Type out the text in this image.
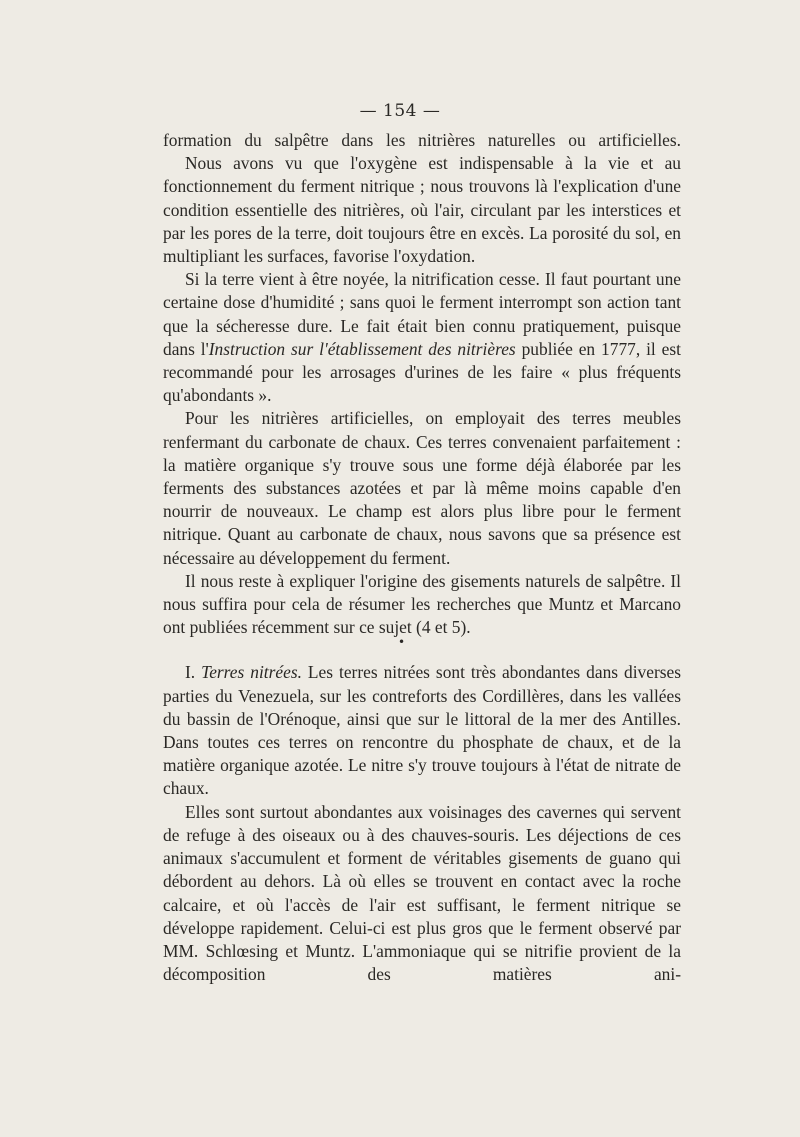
— 154 —

formation du salpêtre dans les nitrières naturelles ou artificielles.

Nous avons vu que l'oxygène est indispensable à la vie et au fonctionnement du ferment nitrique ; nous trouvons là l'explication d'une condition essentielle des nitrières, où l'air, circulant par les interstices et par les pores de la terre, doit toujours être en excès. La porosité du sol, en multipliant les surfaces, favorise l'oxydation.

Si la terre vient à être noyée, la nitrification cesse. Il faut pourtant une certaine dose d'humidité ; sans quoi le ferment interrompt son action tant que la sécheresse dure. Le fait était bien connu pratiquement, puisque dans l'Instruction sur l'établissement des nitrières publiée en 1777, il est recommandé pour les arrosages d'urines de les faire « plus fréquents qu'abondants ».

Pour les nitrières artificielles, on employait des terres meubles renfermant du carbonate de chaux. Ces terres convenaient parfaitement : la matière organique s'y trouve sous une forme déjà élaborée par les ferments des substances azotées et par là même moins capable d'en nourrir de nouveaux. Le champ est alors plus libre pour le ferment nitrique. Quant au carbonate de chaux, nous savons que sa présence est nécessaire au développement du ferment.

Il nous reste à expliquer l'origine des gisements naturels de salpêtre. Il nous suffira pour cela de résumer les recherches que Muntz et Marcano ont publiées récemment sur ce sujet (4 et 5).

I. Terres nitrées. Les terres nitrées sont très abondantes dans diverses parties du Venezuela, sur les contreforts des Cordillères, dans les vallées du bassin de l'Orénoque, ainsi que sur le littoral de la mer des Antilles. Dans toutes ces terres on rencontre du phosphate de chaux, et de la matière organique azotée. Le nitre s'y trouve toujours à l'état de nitrate de chaux.

Elles sont surtout abondantes aux voisinages des cavernes qui servent de refuge à des oiseaux ou à des chauves-souris. Les déjections de ces animaux s'accumulent et forment de véritables gisements de guano qui débordent au dehors. Là où elles se trouvent en contact avec la roche calcaire, et où l'accès de l'air est suffisant, le ferment nitrique se développe rapidement. Celui-ci est plus gros que le ferment observé par MM. Schlœsing et Muntz. L'ammoniaque qui se nitrifie provient de la décomposition des matières ani-

•
